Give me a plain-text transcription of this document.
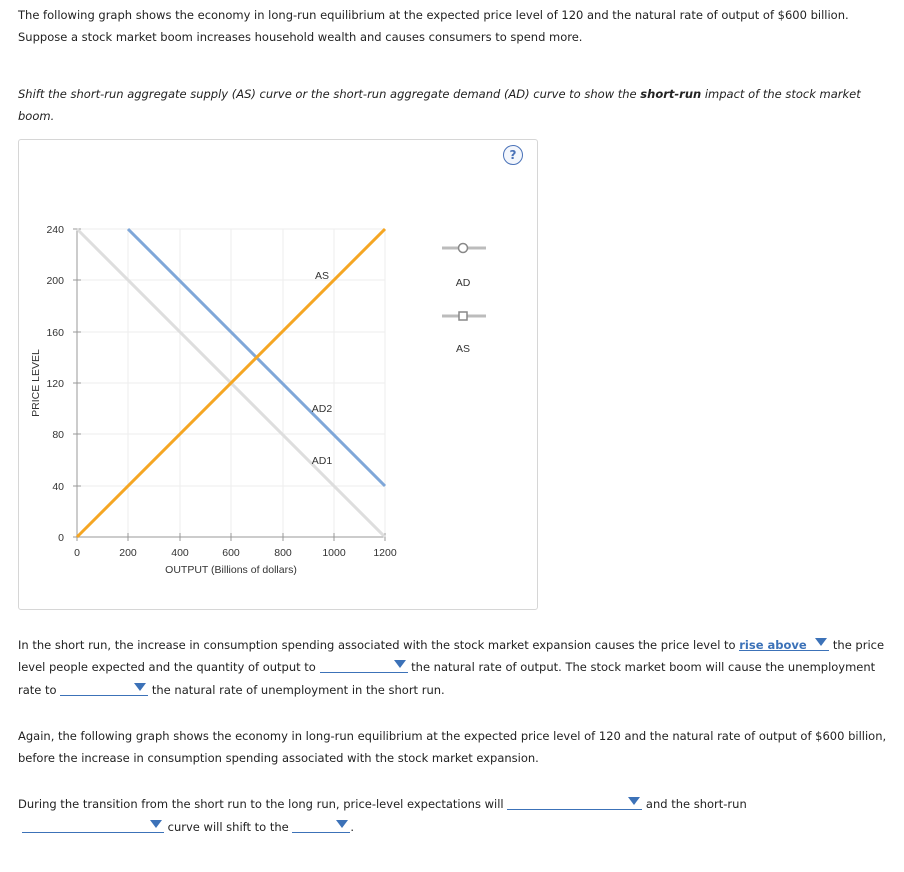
The following graph shows the economy in long-run equilibrium at the expected price level of 120 and the natural rate of output of $600 billion.
Suppose a stock market boom increases household wealth and causes consumers to spend more.
Shift the short-run aggregate supply (AS) curve or the short-run aggregate demand (AD) curve to show the short-run impact of the stock market
boom.
?
0
40
80
120
160
200
240
0	200	400	600	800	1000	1200
OUTPUT (Billions of dollars)
PRICE LEVEL
AS
AD2
AD1
AD
AS
In the short run, the increase in consumption spending associated with the stock market expansion causes the price level to rise above the price
level people expected and the quantity of output to	the natural rate of output. The stock market boom will cause the unemployment
rate to	the natural rate of unemployment in the short run.
Again, the following graph shows the economy in long-run equilibrium at the expected price level of 120 and the natural rate of output of $600 billion,
before the increase in consumption spending associated with the stock market expansion.
During the transition from the short run to the long run, price-level expectations will	and the short-run
curve will shift to the	.
